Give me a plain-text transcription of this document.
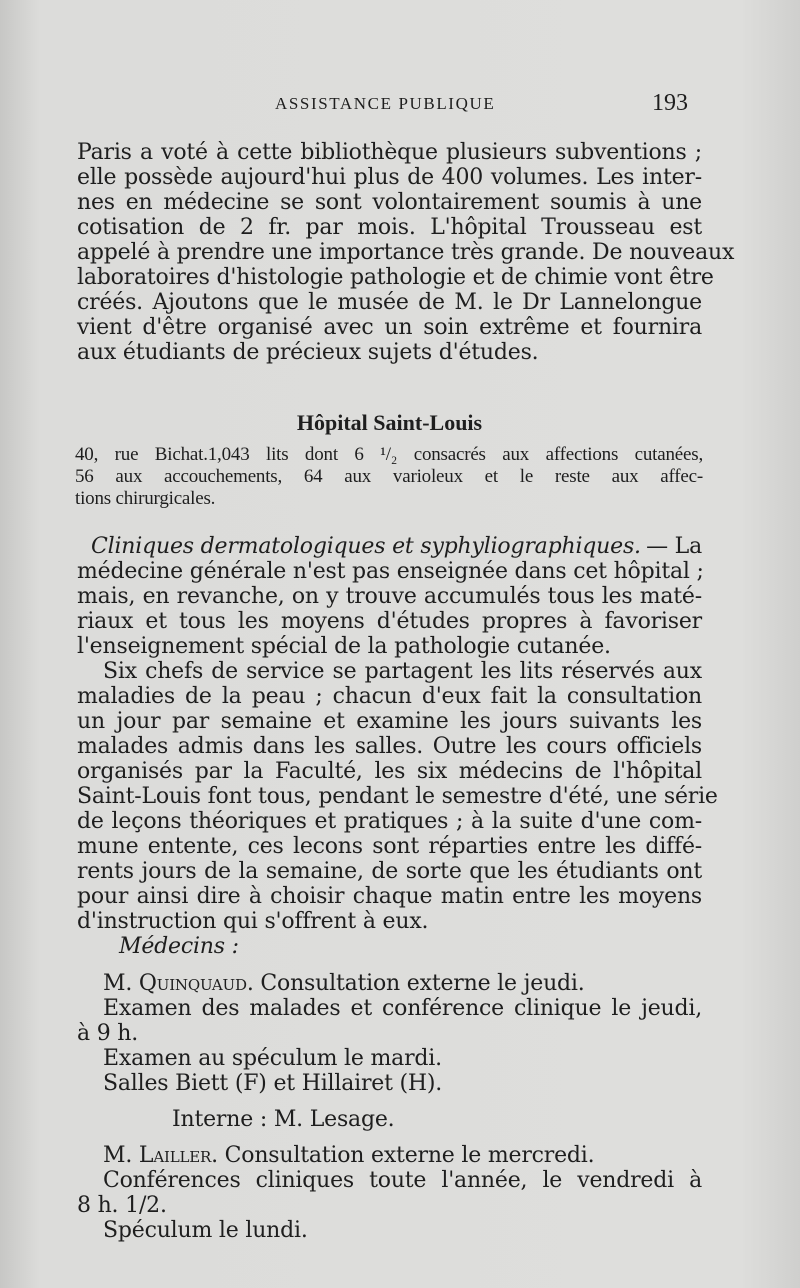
ASSISTANCE PUBLIQUE	193
Paris a voté à cette bibliothèque plusieurs subventions ;
elle possède aujourd'hui plus de 400 volumes. Les inter-
nes en médecine se sont volontairement soumis à une
cotisation de 2 fr. par mois. L'hôpital Trousseau est
appelé à prendre une importance très grande. De nouveaux
laboratoires d'histologie pathologie et de chimie vont être
créés. Ajoutons que le musée de M. le Dr Lannelongue
vient d'être organisé avec un soin extrême et fournira
aux étudiants de précieux sujets d'études.
Hôpital Saint-Louis
40, rue Bichat.1,043 lits dont 6 ¹/₂ consacrés aux affections cutanées,
56 aux accouchements, 64 aux varioleux et le reste aux affec-
tions chirurgicales.
Cliniques dermatologiques et syphyliographiques. — La
médecine générale n'est pas enseignée dans cet hôpital ;
mais, en revanche, on y trouve accumulés tous les maté-
riaux et tous les moyens d'études propres à favoriser
l'enseignement spécial de la pathologie cutanée.
Six chefs de service se partagent les lits réservés aux
maladies de la peau ; chacun d'eux fait la consultation
un jour par semaine et examine les jours suivants les
malades admis dans les salles. Outre les cours officiels
organisés par la Faculté, les six médecins de l'hôpital
Saint-Louis font tous, pendant le semestre d'été, une série
de leçons théoriques et pratiques ; à la suite d'une com-
mune entente, ces lecons sont réparties entre les diffé-
rents jours de la semaine, de sorte que les étudiants ont
pour ainsi dire à choisir chaque matin entre les moyens
d'instruction qui s'offrent à eux.
Médecins :
M. Quinquaud. Consultation externe le jeudi.
Examen des malades et conférence clinique le jeudi,
à 9 h.
Examen au spéculum le mardi.
Salles Biett (F) et Hillairet (H).
Interne : M. Lesage.
M. Lailler. Consultation externe le mercredi.
Conférences cliniques toute l'année, le vendredi à
8 h. 1/2.
Spéculum le lundi.
